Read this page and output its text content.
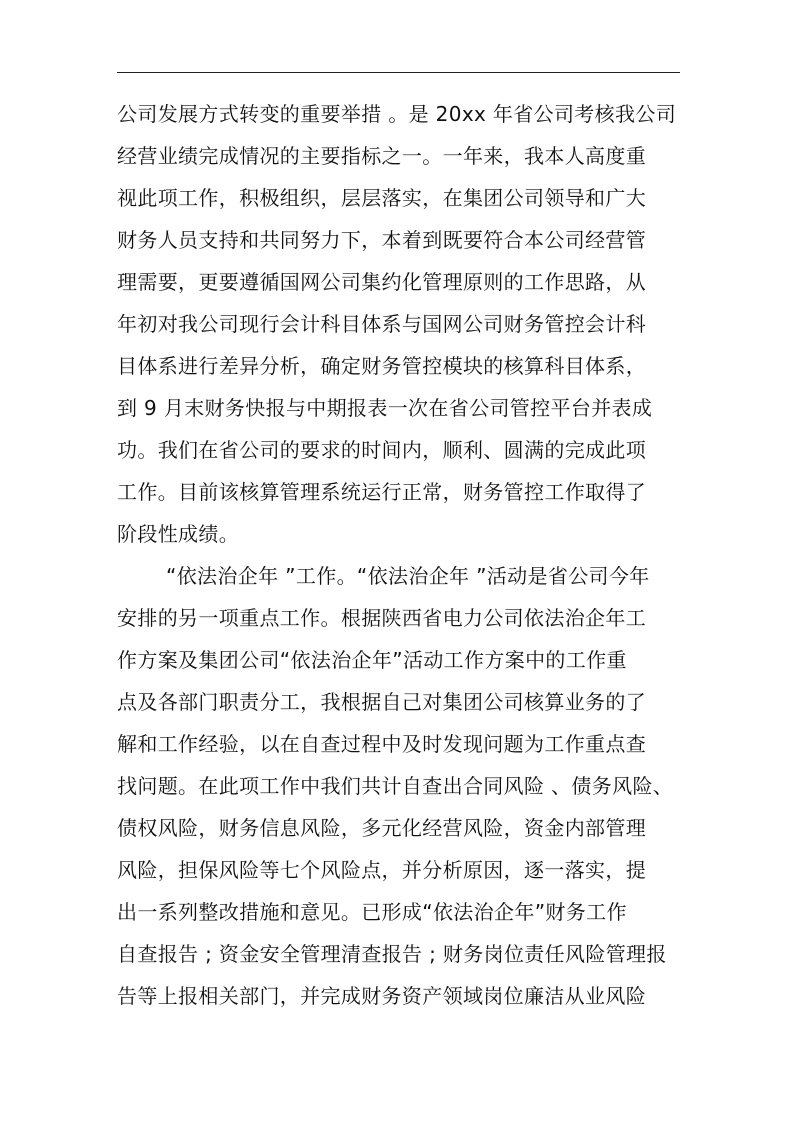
公司发展方式转变的重要举措 。是 20xx 年省公司考核我公司
经营业绩完成情况的主要指标之一。一年来，我本人高度重
视此项工作，积极组织，层层落实，在集团公司领导和广大
财务人员支持和共同努力下，本着到既要符合本公司经营管
理需要，更要遵循国网公司集约化管理原则的工作思路，从
年初对我公司现行会计科目体系与国网公司财务管控会计科
目体系进行差异分析，确定财务管控模块的核算科目体系，
到 9 月末财务快报与中期报表一次在省公司管控平台并表成
功。我们在省公司的要求的时间内，顺利、圆满的完成此项
工作。目前该核算管理系统运行正常，财务管控工作取得了
阶段性成绩。
“依法治企年 ”工作。“依法治企年 ”活动是省公司今年
安排的另一项重点工作。根据陕西省电力公司依法治企年工
作方案及集团公司“依法治企年”活动工作方案中的工作重
点及各部门职责分工，我根据自己对集团公司核算业务的了
解和工作经验，以在自查过程中及时发现问题为工作重点查
找问题。在此项工作中我们共计自查出合同风险 、债务风险、
债权风险，财务信息风险，多元化经营风险，资金内部管理
风险，担保风险等七个风险点，并分析原因，逐一落实，提
出一系列整改措施和意见。已形成“依法治企年”财务工作
自查报告 ; 资金安全管理清查报告 ; 财务岗位责任风险管理报
告等上报相关部门，并完成财务资产领域岗位廉洁从业风险
